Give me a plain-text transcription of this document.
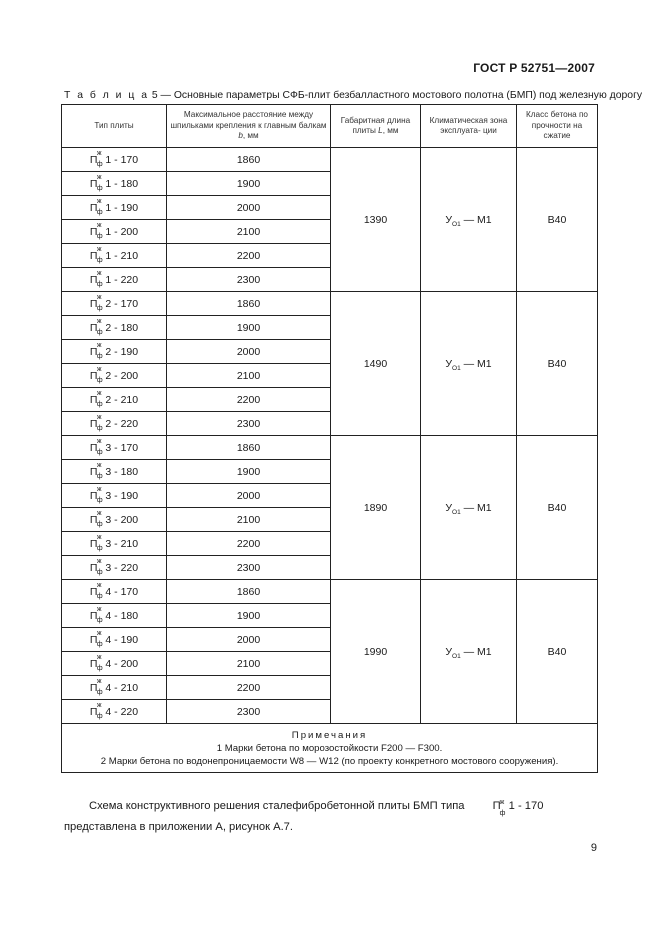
ГОСТ Р 52751—2007
Т а б л и ц а 5 — Основные параметры СФБ-плит безбалластного мостового полотна (БМП) под железную дорогу
Тип плиты	Максимальное расстояние между шпильками крепления к главным балкам b, мм	Габаритная длина плиты L, мм	Климатическая зона эксплуата- ции	Класс бетона по прочности на сжатие
П
ж
ф 1 - 170	1860	1390	$У_{О1}$ — М1	В40
П
ж
ф 1 - 180	1900			
П
ж
ф 1 - 190	2000			
П
ж
ф 1 - 200	2100			
П
ж
ф 1 - 210	2200			
П
ж
ф 1 - 220	2300			
П
ж
ф 2 - 170	1860	1490	$У_{О1}$ — М1	В40
П
ж
ф 2 - 180	1900			
П
ж
ф 2 - 190	2000			
П
ж
ф 2 - 200	2100			
П
ж
ф 2 - 210	2200			
П
ж
ф 2 - 220	2300			
П
ж
ф 3 - 170	1860	1890	$У_{О1}$ — М1	В40
П
ж
ф 3 - 180	1900			
П
ж
ф 3 - 190	2000			
П
ж
ф 3 - 200	2100			
П
ж
ф 3 - 210	2200			
П
ж
ф 3 - 220	2300			
П
ж
ф 4 - 170	1860	1990	$У_{О1}$ — М1	В40
П
ж
ф 4 - 180	1900			
П
ж
ф 4 - 190	2000			
П
ж
ф 4 - 200	2100			
П
ж
ф 4 - 210	2200			
П
ж
ф 4 - 220	2300			

Примечания
1 Марки бетона по морозостойкости F200 — F300.
2 Марки бетона по водонепроницаемости W8 — W12 (по проекту конкретного мостового сооружения).				
Схема конструктивного решения сталефибробетонной плиты БМП типа П
ж
ф
1 - 170 представлена в приложении А, рисунок А.7.
9
